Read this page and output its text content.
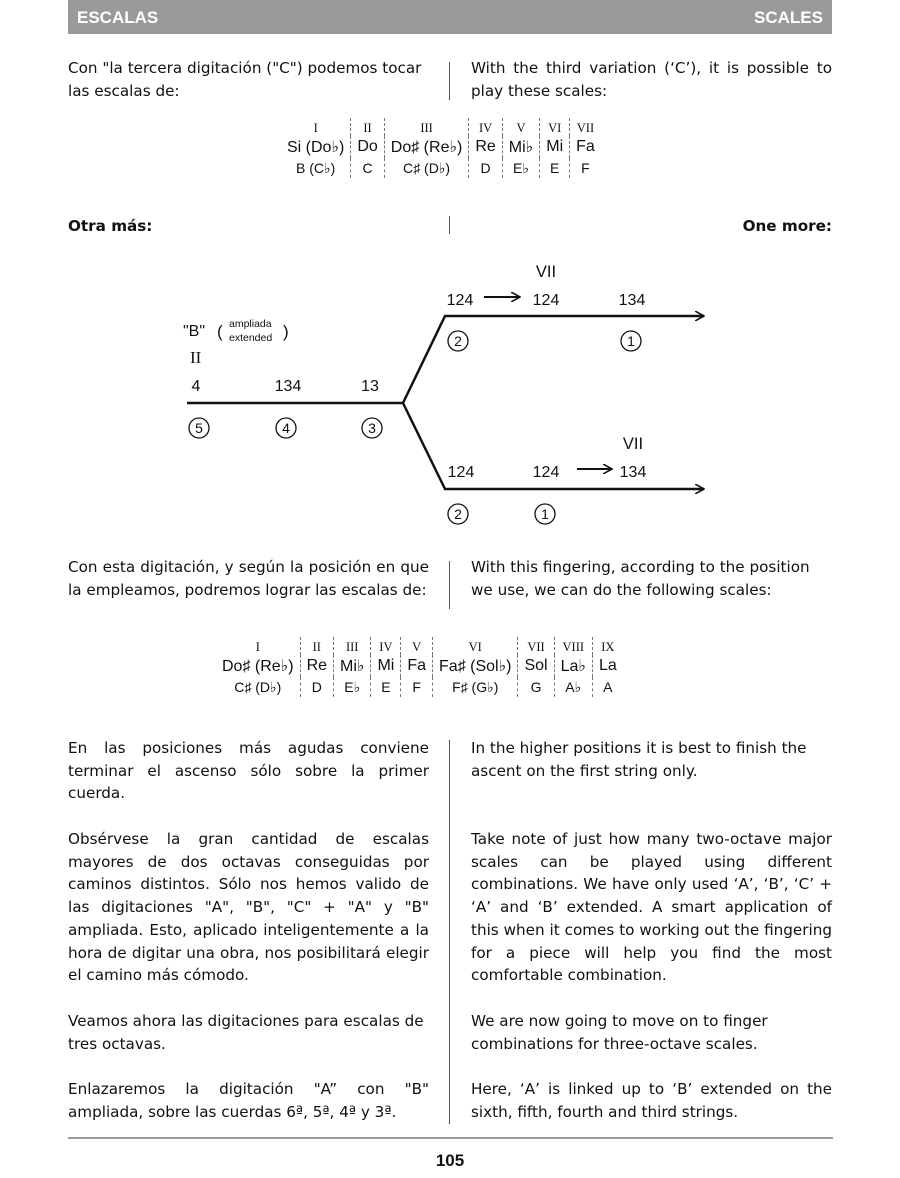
ESCALAS	SCALES

Con "la tercera digitación ("C") podemos tocar las escalas de:

With the third variation (‘C’), it is possible to play these scales:

I	II	III	IV	V	VI	VII
Si (Do♭)	Do	Do♯ (Re♭)	Re	Mi♭	Mi	Fa
B (C♭)	C	C♯ (D♭)	D	E♭	E	F

Otra más:	One more:

"B" ( ampliada
extended )
II
4	134	13
5	4	3
VII
124	124	134
2	1
VII
124	124	134
2	1

Con esta digitación, y según la posición en que la empleamos, podremos lograr las escalas de:

With this fingering, according to the position we use, we can do the following scales:

I	II	III	IV	V	VI	VII	VIII	IX
Do♯ (Re♭)	Re	Mi♭	Mi	Fa	Fa♯ (Sol♭)	Sol	La♭	La
C♯ (D♭)	D	E♭	E	F	F♯ (G♭)	G	A♭	A

En las posiciones más agudas conviene terminar el ascenso sólo sobre la primer cuerda.

Obsérvese la gran cantidad de escalas mayores de dos octavas conseguidas por caminos distintos. Sólo nos hemos valido de las digitaciones "A", "B", "C" + "A" y "B" ampliada. Esto, aplicado inteligentemente a la hora de digitar una obra, nos posibilitará elegir el camino más cómodo.

Veamos ahora las digitaciones para escalas de tres octavas.

Enlazaremos la digitación "A” con "B" ampliada, sobre las cuerdas 6ª, 5ª, 4ª y 3ª.

In the higher positions it is best to finish the ascent on the first string only.

Take note of just how many two-octave major scales can be played using different combinations. We have only used ‘A’, ‘B’, ‘C’ + ‘A’ and ‘B’ extended. A smart application of this when it comes to working out the fingering for a piece will help you find the most comfortable combination.

We are now going to move on to finger combinations for three-octave scales.

Here, ‘A’ is linked up to ‘B’ extended on the sixth, fifth, fourth and third strings.

105
